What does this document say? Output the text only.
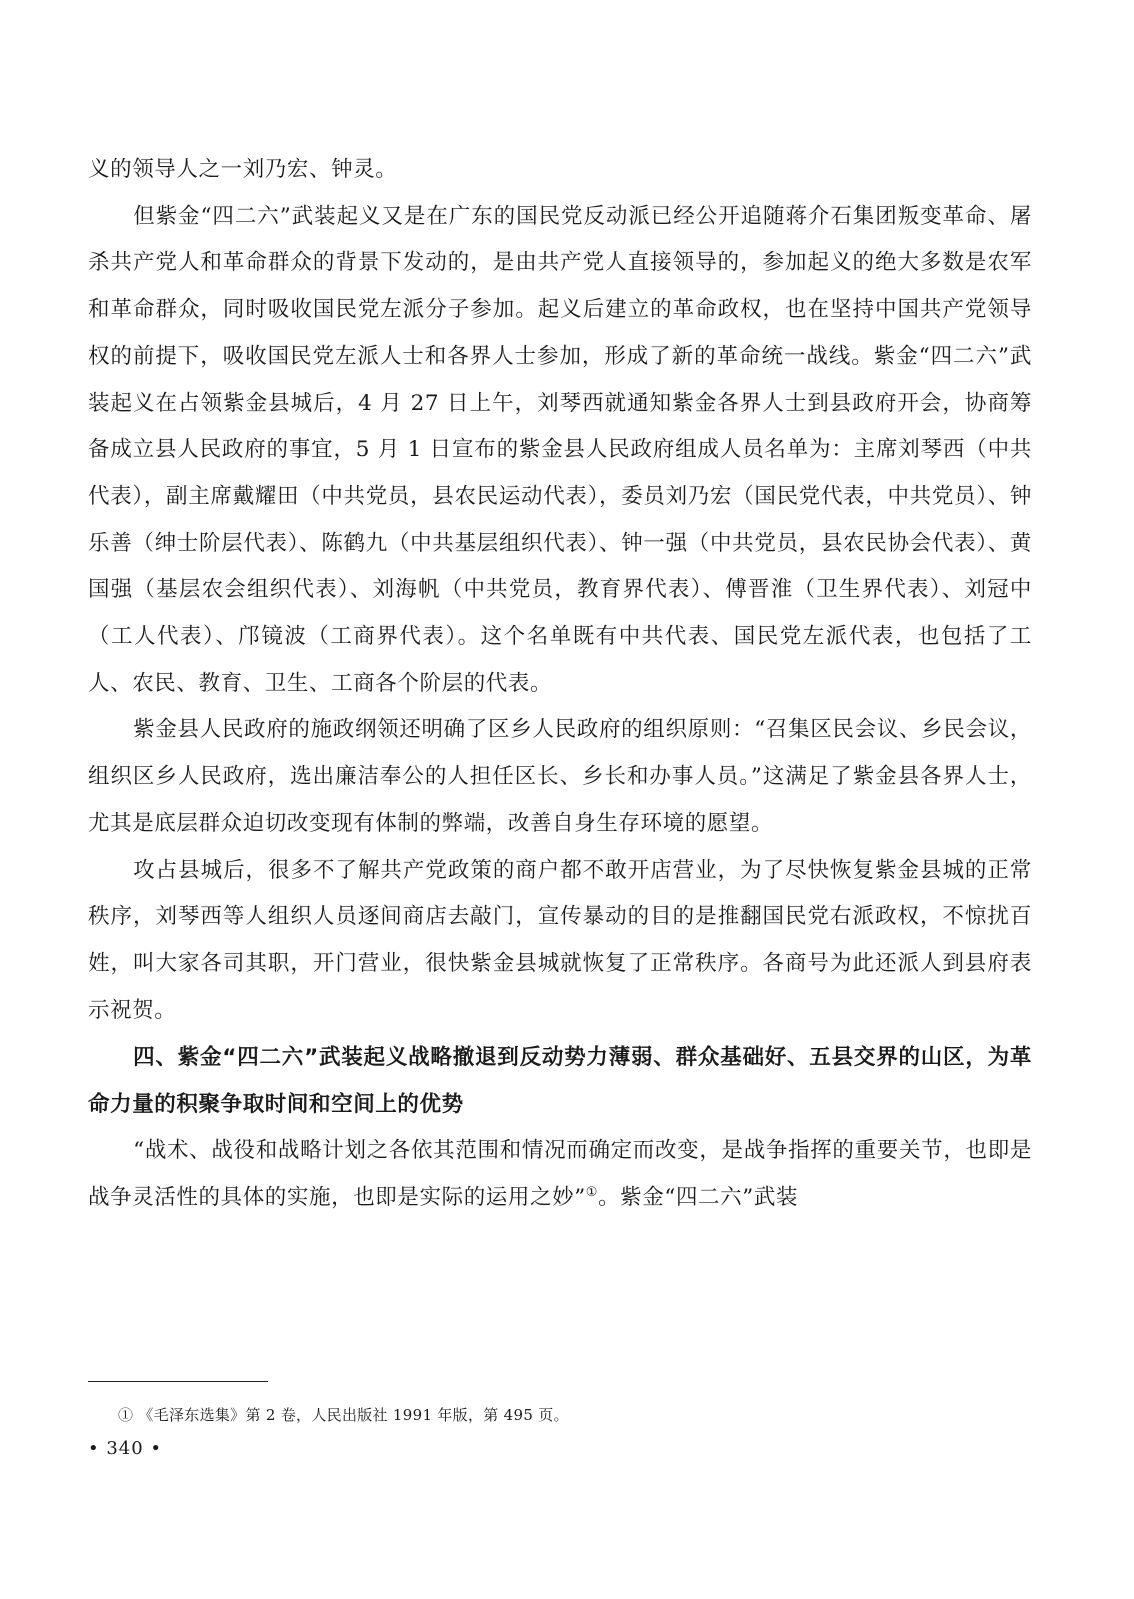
义的领导人之一刘乃宏、钟灵。

但紫金“四二六”武装起义又是在广东的国民党反动派已经公开追随蒋介石集团叛变革命、屠杀共产党人和革命群众的背景下发动的，是由共产党人直接领导的，参加起义的绝大多数是农军和革命群众，同时吸收国民党左派分子参加。起义后建立的革命政权，也在坚持中国共产党领导权的前提下，吸收国民党左派人士和各界人士参加，形成了新的革命统一战线。紫金“四二六”武装起义在占领紫金县城后，4 月 27 日上午，刘琴西就通知紫金各界人士到县政府开会，协商筹备成立县人民政府的事宜，5 月 1 日宣布的紫金县人民政府组成人员名单为：主席刘琴西（中共代表），副主席戴耀田（中共党员，县农民运动代表），委员刘乃宏（国民党代表，中共党员）、钟乐善（绅士阶层代表）、陈鹤九（中共基层组织代表）、钟一强（中共党员，县农民协会代表）、黄国强（基层农会组织代表）、刘海帆（中共党员，教育界代表）、傅晋淮（卫生界代表）、刘冠中（工人代表）、邝镜波（工商界代表）。这个名单既有中共代表、国民党左派代表，也包括了工人、农民、教育、卫生、工商各个阶层的代表。

紫金县人民政府的施政纲领还明确了区乡人民政府的组织原则：“召集区民会议、乡民会议，组织区乡人民政府，选出廉洁奉公的人担任区长、乡长和办事人员。”这满足了紫金县各界人士，尤其是底层群众迫切改变现有体制的弊端，改善自身生存环境的愿望。

攻占县城后，很多不了解共产党政策的商户都不敢开店营业，为了尽快恢复紫金县城的正常秩序，刘琴西等人组织人员逐间商店去敲门，宣传暴动的目的是推翻国民党右派政权，不惊扰百姓，叫大家各司其职，开门营业，很快紫金县城就恢复了正常秩序。各商号为此还派人到县府表示祝贺。

四、紫金“四二六”武装起义战略撤退到反动势力薄弱、群众基础好、五县交界的山区，为革命力量的积聚争取时间和空间上的优势

“战术、战役和战略计划之各依其范围和情况而确定而改变，是战争指挥的重要关节，也即是战争灵活性的具体的实施，也即是实际的运用之妙”①。紫金“四二六”武装

① 《毛泽东选集》第 2 卷，人民出版社 1991 年版，第 495 页。

• 340 •
